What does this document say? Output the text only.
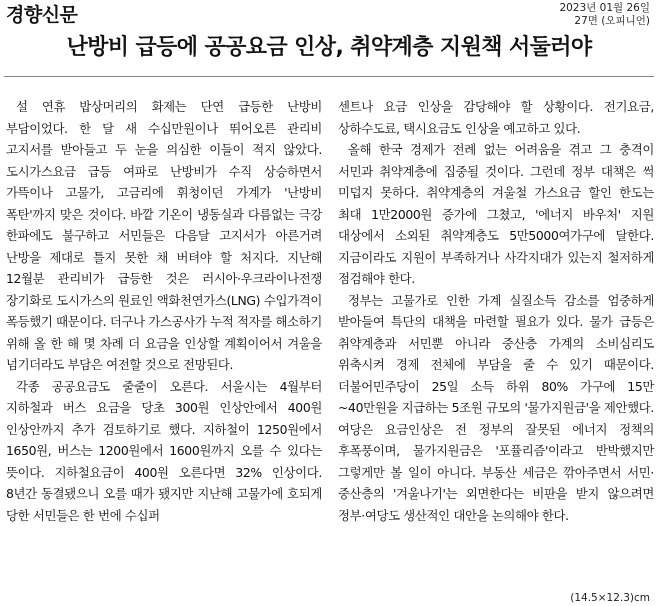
경향신문	2023년 01월 26일
27면 (오피니언)
난방비 급등에 공공요금 인상, 취약계층 지원책 서둘러야

설 연휴 밥상머리의 화제는 단연 급등한 난방비 부담이었다. 한 달 새 수십만원이나 뛰어오른 관리비 고지서를 받아들고 두 눈을 의심한 이들이 적지 않았다. 도시가스요금 급등 여파로 난방비가 수직 상승하면서 가뜩이나 고물가, 고금리에 휘청이던 가계가 '난방비 폭탄'까지 맞은 것이다. 바깥 기온이 냉동실과 다름없는 극강 한파에도 불구하고 서민들은 다음달 고지서가 아른거려 난방을 제대로 틀지 못한 채 버텨야 할 처지다. 지난해 12월분 관리비가 급등한 것은 러시아·우크라이나전쟁 장기화로 도시가스의 원료인 액화천연가스(LNG) 수입가격이 폭등했기 때문이다. 더구나 가스공사가 누적 적자를 해소하기 위해 올 한 해 몇 차례 더 요금을 인상할 계획이어서 겨울을 넘기더라도 부담은 여전할 것으로 전망된다.

각종 공공요금도 줄줄이 오른다. 서울시는 4월부터 지하철과 버스 요금을 당초 300원 인상안에서 400원 인상안까지 추가 검토하기로 했다. 지하철이 1250원에서 1650원, 버스는 1200원에서 1600원까지 오를 수 있다는 뜻이다. 지하철요금이 400원 오른다면 32% 인상이다. 8년간 동결됐으니 오를 때가 됐지만 지난해 고물가에 호되게 당한 서민들은 한 번에 수십퍼

센트나 요금 인상을 감당해야 할 상황이다. 전기요금, 상하수도료, 택시요금도 인상을 예고하고 있다.

올해 한국 경제가 전례 없는 어려움을 겪고 그 충격이 서민과 취약계층에 집중될 것이다. 그런데 정부 대책은 썩 미덥지 못하다. 취약계층의 겨울철 가스요금 할인 한도는 최대 1만2000원 증가에 그쳤고, '에너지 바우처' 지원 대상에서 소외된 취약계층도 5만5000여가구에 달한다. 지금이라도 지원이 부족하거나 사각지대가 있는지 철저하게 점검해야 한다.

정부는 고물가로 인한 가계 실질소득 감소를 엄중하게 받아들여 특단의 대책을 마련할 필요가 있다. 물가 급등은 취약계층과 서민뿐 아니라 중산층 가계의 소비심리도 위축시켜 경제 전체에 부담을 줄 수 있기 때문이다. 더불어민주당이 25일 소득 하위 80% 가구에 15만~40만원을 지급하는 5조원 규모의 '물가지원금'을 제안했다. 여당은 요금인상은 전 정부의 잘못된 에너지 정책의 후폭풍이며, 물가지원금은 '포퓰리즘'이라고 반박했지만 그렇게만 볼 일이 아니다. 부동산 세금은 깎아주면서 서민·중산층의 '겨울나기'는 외면한다는 비판을 받지 않으려면 정부·여당도 생산적인 대안을 논의해야 한다.

(14.5×12.3)cm
